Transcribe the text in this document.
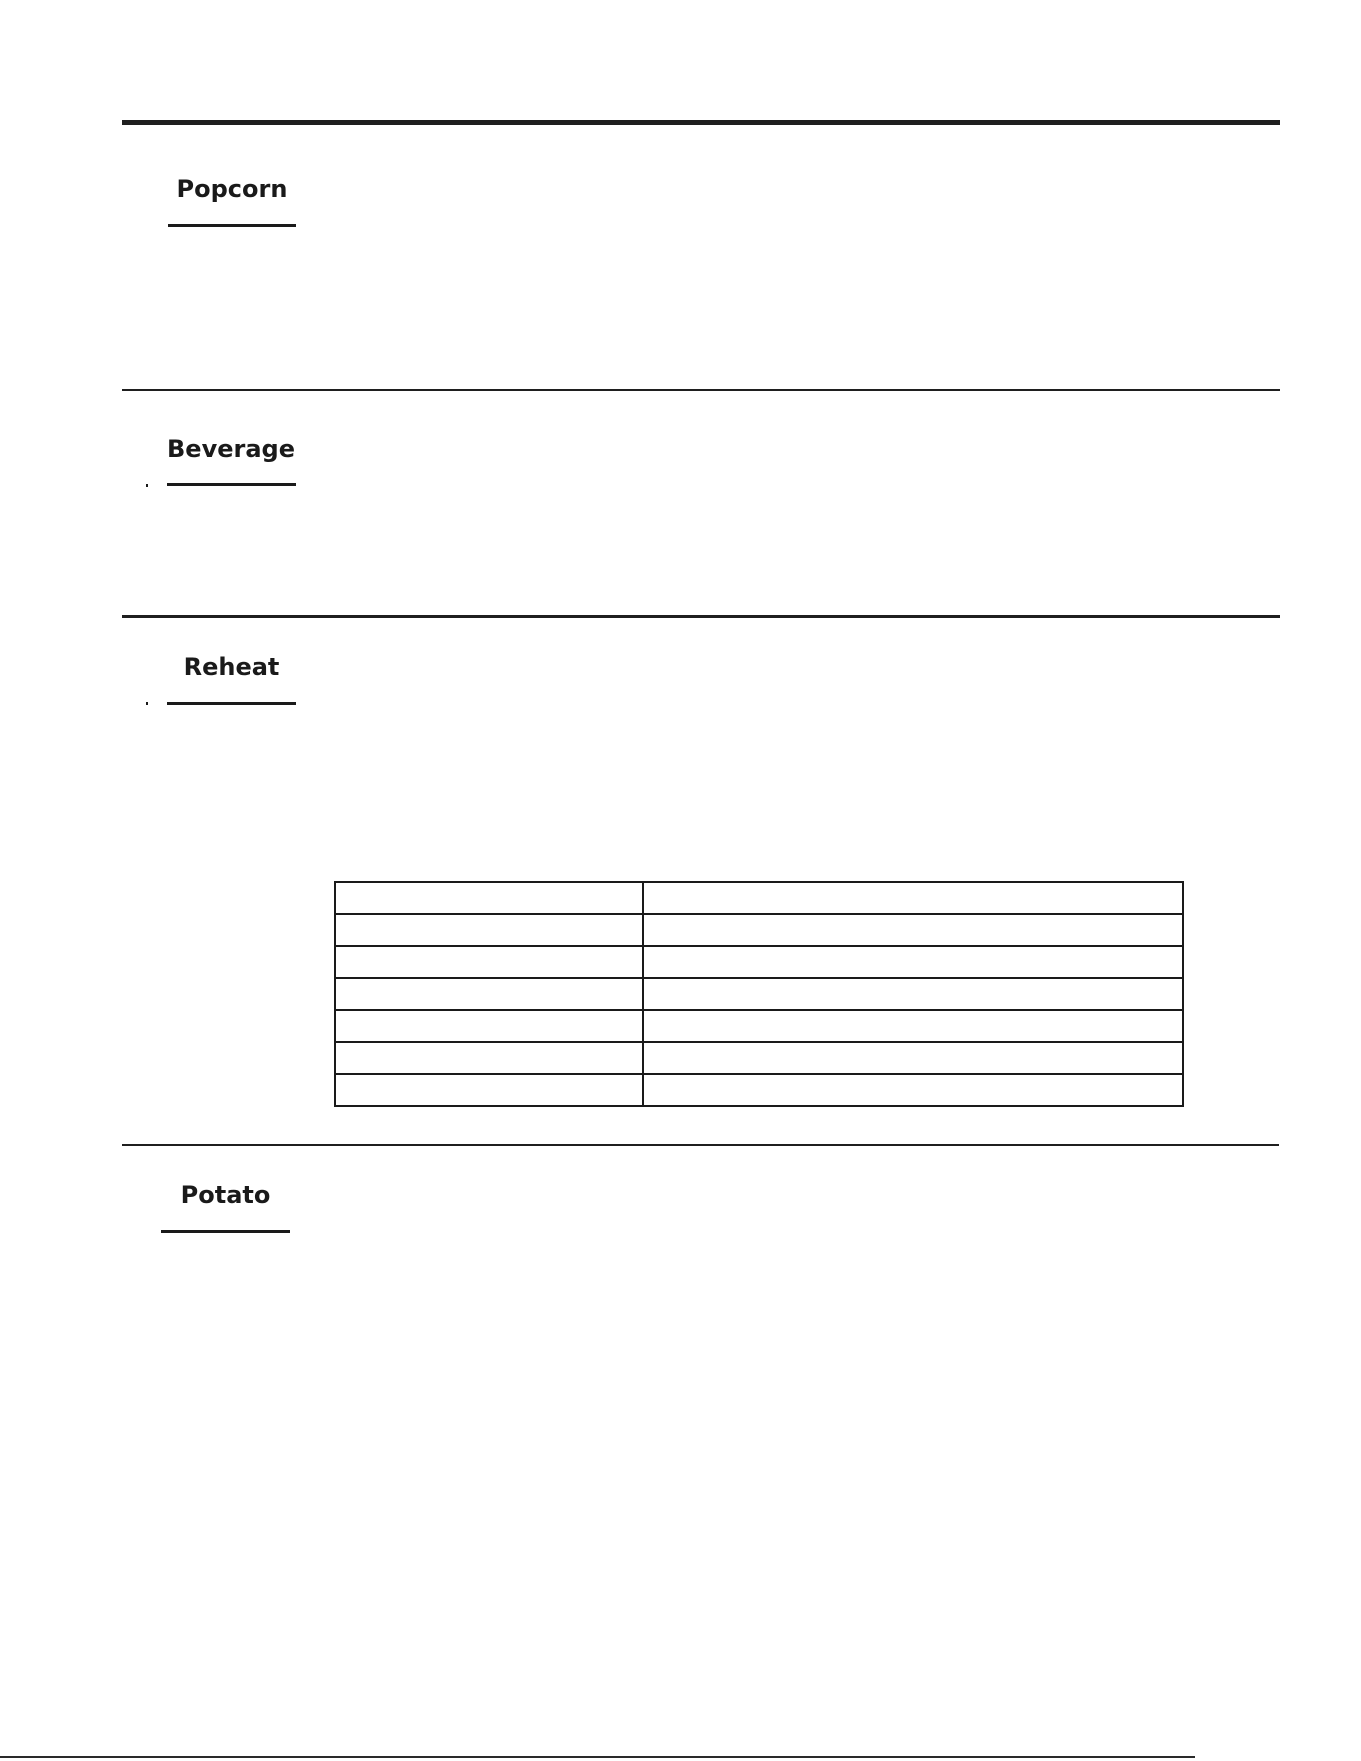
Popcorn
Beverage
Reheat

Potato
